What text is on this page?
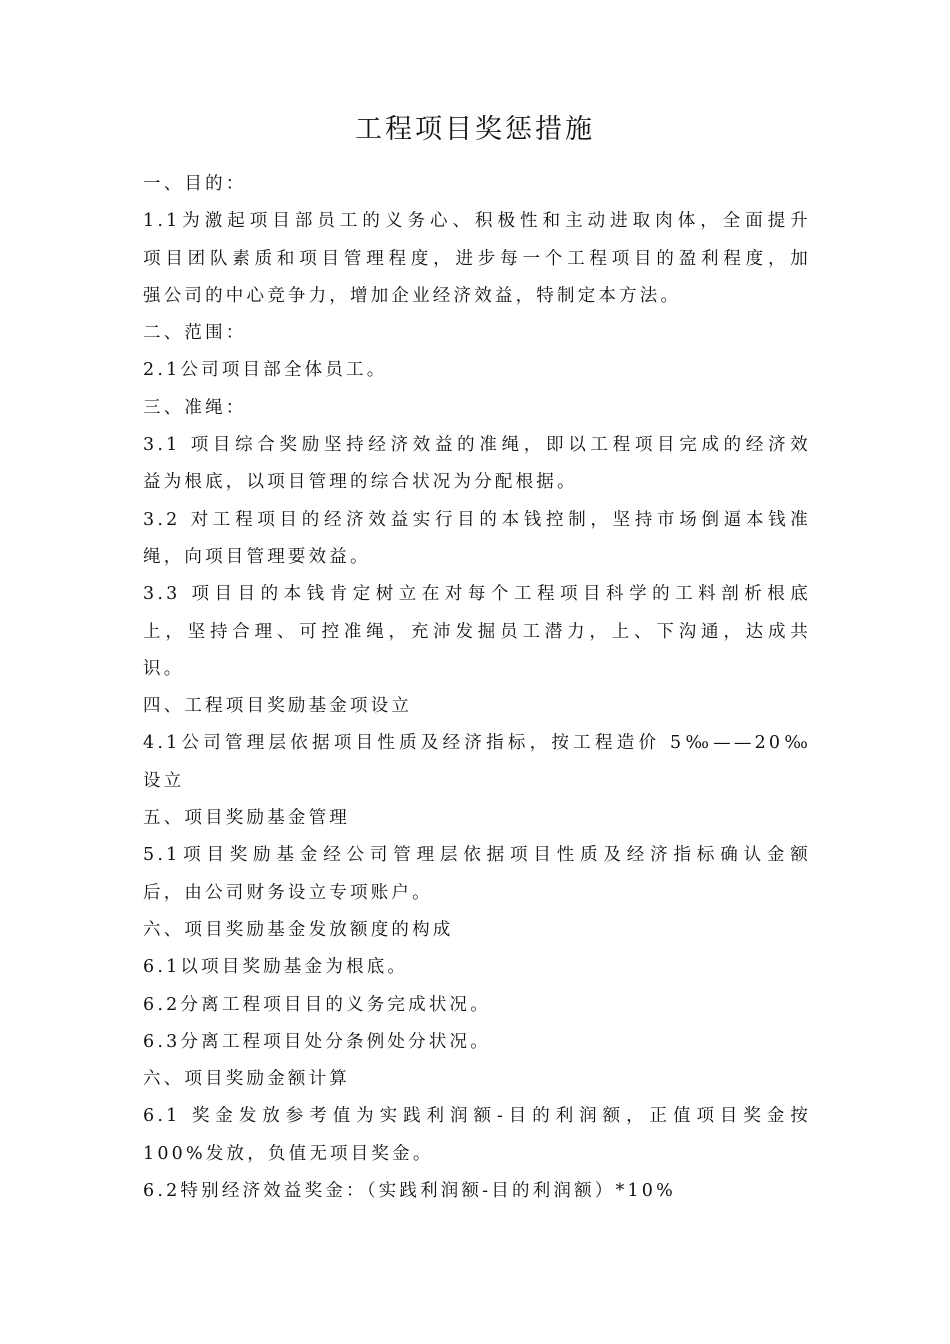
工程项目奖惩措施
一、目的：
1.1为激起项目部员工的义务心、积极性和主动进取肉体，全面提升
项目团队素质和项目管理程度，进步每一个工程项目的盈利程度，加
强公司的中心竞争力，增加企业经济效益，特制定本方法。
二、范围：
2.1公司项目部全体员工。
三、准绳：
3.1 项目综合奖励坚持经济效益的准绳，即以工程项目完成的经济效
益为根底，以项目管理的综合状况为分配根据。
3.2 对工程项目的经济效益实行目的本钱控制，坚持市场倒逼本钱准
绳，向项目管理要效益。
3.3 项目目的本钱肯定树立在对每个工程项目科学的工料剖析根底
上，坚持合理、可控准绳，充沛发掘员工潜力，上、下沟通，达成共
识。
四、工程项目奖励基金项设立
4.1公司管理层依据项目性质及经济指标，按工程造价 5‰——20‰
设立
五、项目奖励基金管理
5.1项目奖励基金经公司管理层依据项目性质及经济指标确认金额
后，由公司财务设立专项账户。
六、项目奖励基金发放额度的构成
6.1以项目奖励基金为根底。
6.2分离工程项目目的义务完成状况。
6.3分离工程项目处分条例处分状况。
六、项目奖励金额计算
6.1 奖金发放参考值为实践利润额-目的利润额，正值项目奖金按
100%发放，负值无项目奖金。
6.2特别经济效益奖金：（实践利润额-目的利润额）*10%
